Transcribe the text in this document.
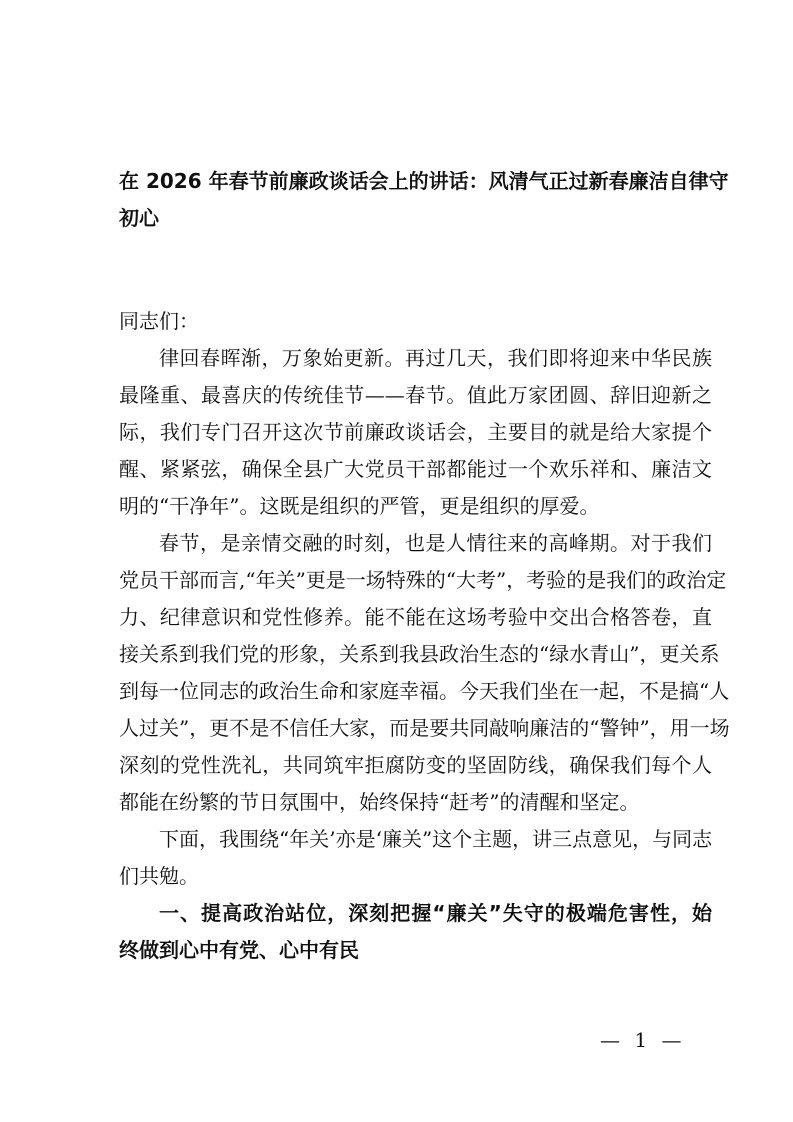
在 2026 年春节前廉政谈话会上的讲话：风清气正过新春廉洁自律守
初心
同志们：
律回春晖渐，万象始更新。再过几天，我们即将迎来中华民族
最隆重、最喜庆的传统佳节——春节。值此万家团圆、辞旧迎新之
际，我们专门召开这次节前廉政谈话会，主要目的就是给大家提个
醒、紧紧弦，确保全县广大党员干部都能过一个欢乐祥和、廉洁文
明的“干净年”。这既是组织的严管，更是组织的厚爱。
春节，是亲情交融的时刻，也是人情往来的高峰期。对于我们
党员干部而言,“年关”更是一场特殊的“大考”，考验的是我们的政治定
力、纪律意识和党性修养。能不能在这场考验中交出合格答卷，直
接关系到我们党的形象，关系到我县政治生态的“绿水青山”，更关系
到每一位同志的政治生命和家庭幸福。今天我们坐在一起，不是搞“人
人过关”，更不是不信任大家，而是要共同敲响廉洁的“警钟”，用一场
深刻的党性洗礼，共同筑牢拒腐防变的坚固防线，确保我们每个人
都能在纷繁的节日氛围中，始终保持“赶考”的清醒和坚定。
下面，我围绕“年关’亦是‘廉关”这个主题，讲三点意见，与同志
们共勉。
一、提高政治站位，深刻把握“廉关”失守的极端危害性，始
终做到心中有党、心中有民
— 1 —
